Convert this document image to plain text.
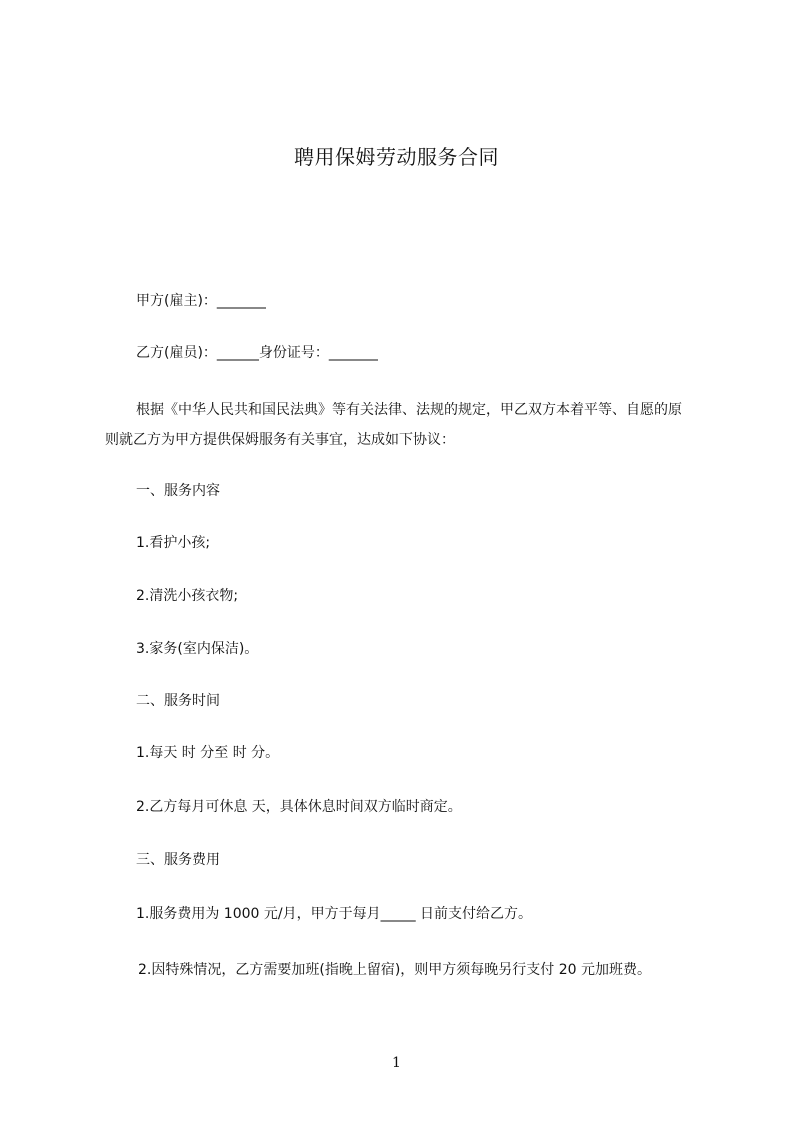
聘用保姆劳动服务合同
甲方(雇主)：_______
乙方(雇员)：______身份证号：_______
根据《中华人民共和国民法典》等有关法律、法规的规定，甲乙双方本着平等、自愿的原则就乙方为甲方提供保姆服务有关事宜，达成如下协议：
一、服务内容
1.看护小孩;
2.清洗小孩衣物;
3.家务(室内保洁)。
二、服务时间
1.每天 时 分至 时 分。
2.乙方每月可休息 天，具体休息时间双方临时商定。
三、服务费用
1.服务费用为 1000 元/月，甲方于每月_____ 日前支付给乙方。
2.因特殊情况，乙方需要加班(指晚上留宿)，则甲方须每晚另行支付 20 元加班费。
1
